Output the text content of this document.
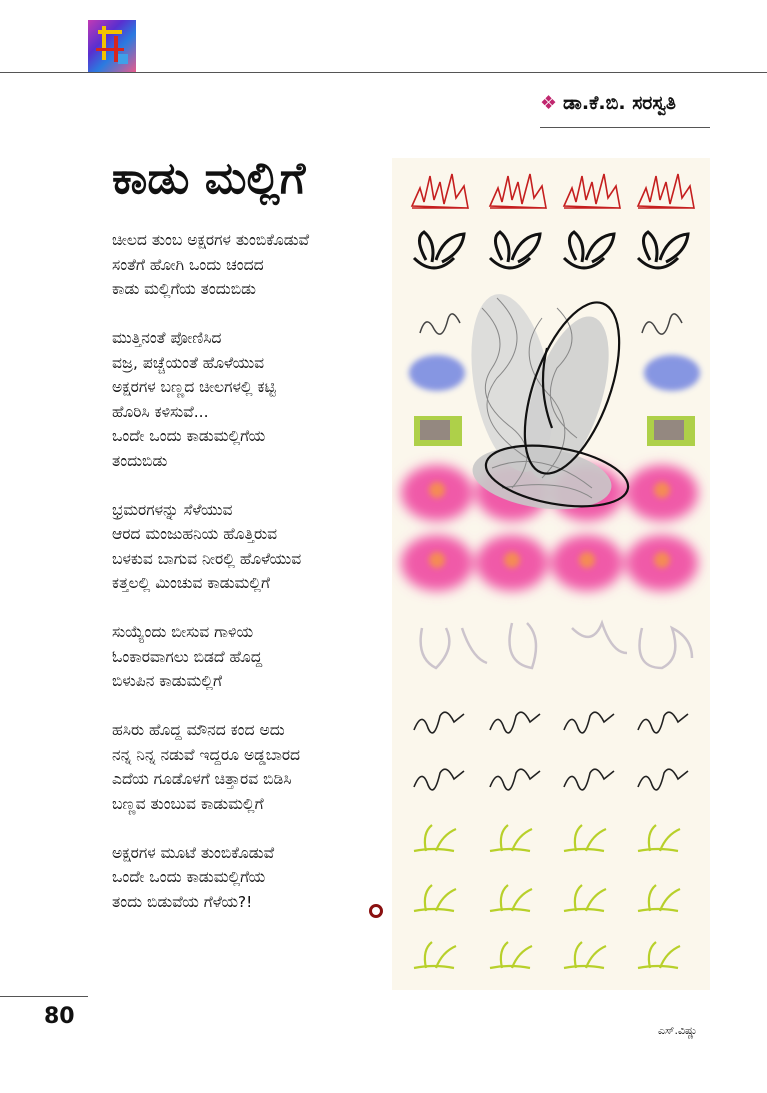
❖ ಡಾ.ಕೆ.ಬಿ. ಸರಸ್ವತಿ
ಕಾಡು ಮಲ್ಲಿಗೆ
ಚೀಲದ ತುಂಬ ಅಕ್ಷರಗಳ ತುಂಬಿಕೊಡುವೆ
ಸಂತೆಗೆ ಹೋಗಿ ಒಂದು ಚಂದದ
ಕಾಡು ಮಲ್ಲಿಗೆಯ ತಂದುಬಿಡು
ಮುತ್ತಿನಂತೆ ಪೋಣಿಸಿದ
ವಜ್ರ, ಪಚ್ಚೆಯಂತೆ ಹೊಳೆಯುವ
ಅಕ್ಷರಗಳ ಬಣ್ಣದ ಚೀಲಗಳಲ್ಲಿ ಕಟ್ಟಿ
ಹೊರಿಸಿ ಕಳಿಸುವೆ...
ಒಂದೇ ಒಂದು ಕಾಡುಮಲ್ಲಿಗೆಯ
ತಂದುಬಿಡು
ಭ್ರಮರಗಳನ್ನು ಸೆಳೆಯುವ
ಆರದ ಮಂಜುಹನಿಯ ಹೊತ್ತಿರುವ
ಬಳಕುವ ಬಾಗುವ ನೀರಲ್ಲಿ ಹೊಳೆಯುವ
ಕತ್ತಲಲ್ಲಿ ಮಿಂಚುವ ಕಾಡುಮಲ್ಲಿಗೆ
ಸುಯ್ಯೆಂದು ಬೀಸುವ ಗಾಳಿಯ
ಓಂಕಾರವಾಗಲು ಬಿಡದೆ ಹೊದ್ದ
ಬಿಳುಪಿನ ಕಾಡುಮಲ್ಲಿಗೆ
ಹಸಿರು ಹೊದ್ದ ಮೌನದ ಕಂದ ಅದು
ನನ್ನ ನಿನ್ನ ನಡುವೆ ಇದ್ದರೂ ಅಡ್ಡಬಾರದ
ಎದೆಯ ಗೂಡೊಳಗೆ ಚಿತ್ತಾರವ ಬಿಡಿಸಿ
ಬಣ್ಣವ ತುಂಬುವ ಕಾಡುಮಲ್ಲಿಗೆ
ಅಕ್ಷರಗಳ ಮೂಟೆ ತುಂಬಿಕೊಡುವೆ
ಒಂದೇ ಒಂದು ಕಾಡುಮಲ್ಲಿಗೆಯ
ತಂದು ಬಿಡುವೆಯ ಗೆಳೆಯ?!
80
ಎಸ್.ವಿಷ್ಣು
